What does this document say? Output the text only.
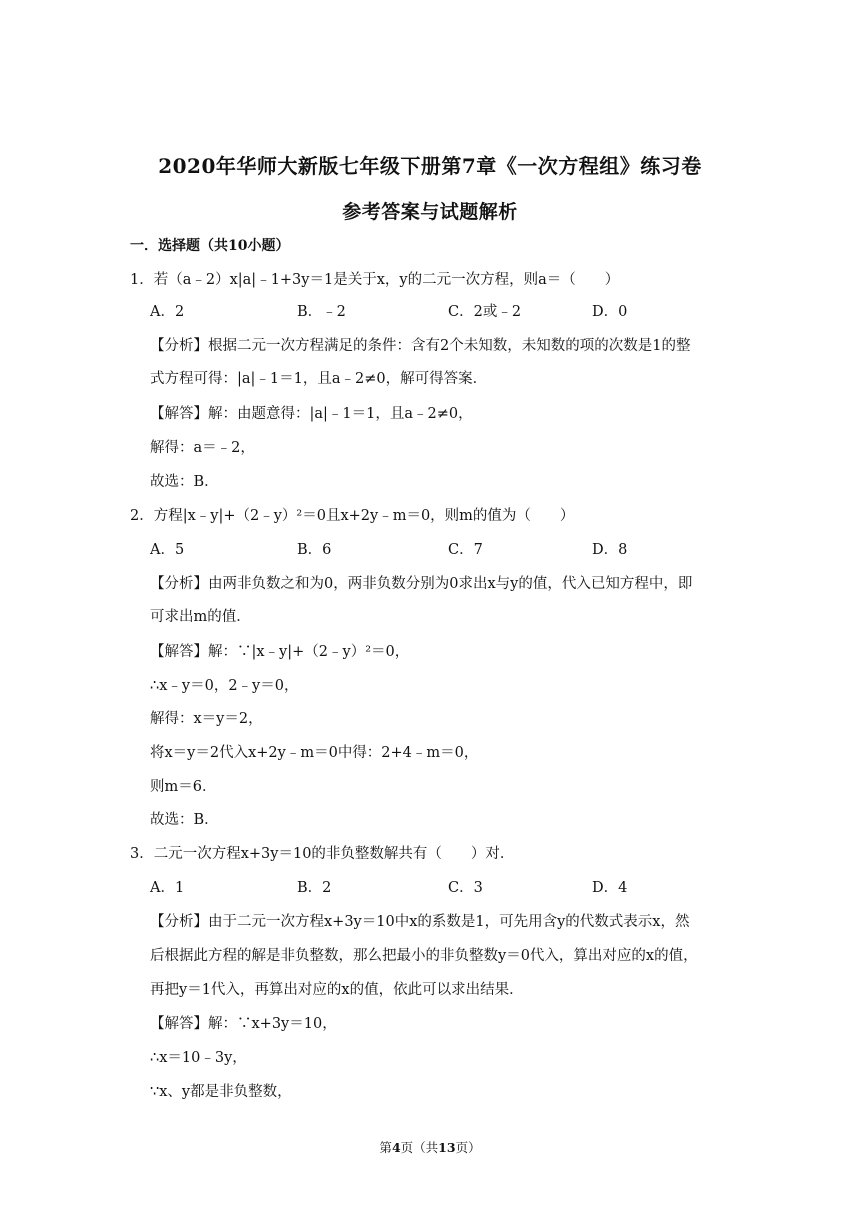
2020年华师大新版七年级下册第7章《一次方程组》练习卷
参考答案与试题解析
一．选择题（共10小题）
1．若（a﹣2）x|a|﹣1+3y＝1是关于x，y的二元一次方程，则a＝（　　）
A．2	B．﹣2	C．2或﹣2	D．0
【分析】根据二元一次方程满足的条件：含有2个未知数，未知数的项的次数是1的整
式方程可得：|a|﹣1＝1，且a﹣2≠0，解可得答案．
【解答】解：由题意得：|a|﹣1＝1，且a﹣2≠0，
解得：a＝﹣2，
故选：B．
2．方程|x﹣y|+（2﹣y）²＝0且x+2y﹣m＝0，则m的值为（　　）
A．5	B．6	C．7	D．8
【分析】由两非负数之和为0，两非负数分别为0求出x与y的值，代入已知方程中，即
可求出m的值．
【解答】解：∵|x﹣y|+（2﹣y）²＝0，
∴x﹣y＝0，2﹣y＝0，
解得：x＝y＝2，
将x＝y＝2代入x+2y﹣m＝0中得：2+4﹣m＝0，
则m＝6．
故选：B．
3．二元一次方程x+3y＝10的非负整数解共有（　　）对．
A．1	B．2	C．3	D．4
【分析】由于二元一次方程x+3y＝10中x的系数是1，可先用含y的代数式表示x，然
后根据此方程的解是非负整数，那么把最小的非负整数y＝0代入，算出对应的x的值，
再把y＝1代入，再算出对应的x的值，依此可以求出结果．
【解答】解：∵x+3y＝10，
∴x＝10﹣3y，
∵x、y都是非负整数，
第4页（共13页）
